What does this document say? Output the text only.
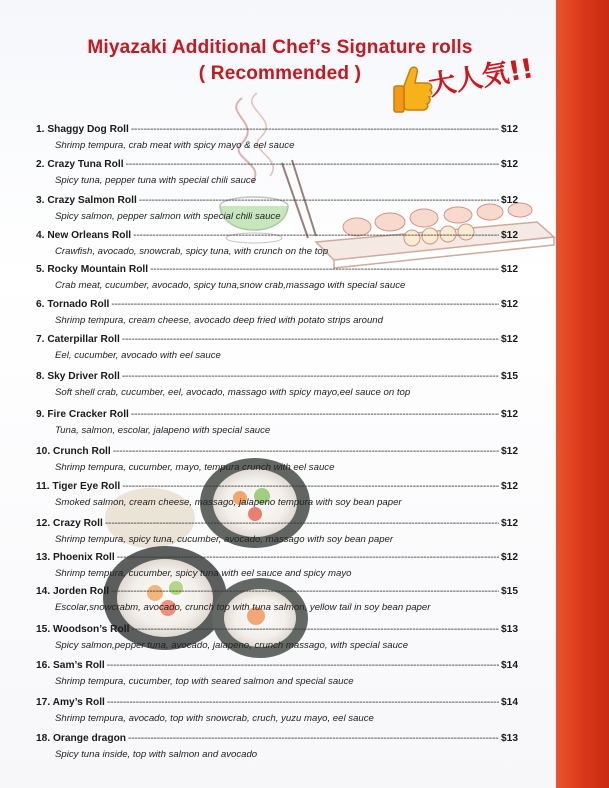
Miyazaki Additional Chef’s Signature rolls
( Recommended )	大人気!!
1. Shaggy Dog Roll -----	$12
Shrimp tempura, crab meat with spicy mayo & eel sauce
2. Crazy Tuna Roll -----	$12
Spicy tuna, pepper tuna with special chili sauce
3. Crazy Salmon Roll -----	$12
Spicy salmon, pepper salmon with special chili sauce
4. New Orleans Roll -----	$12
Crawfish, avocado, snowcrab, spicy tuna, with crunch on the top
5. Rocky Mountain Roll -----	$12
Crab meat, cucumber, avocado, spicy tuna,snow crab,massago with special sauce
6. Tornado Roll -----	$12
Shrimp tempura, cream cheese, avocado deep fried with potato strips around
7. Caterpillar Roll -----	$12
Eel, cucumber, avocado with eel sauce
8. Sky Driver Roll -----	$15
Soft shell crab, cucumber, eel, avocado, massago with spicy mayo,eel sauce on top
9. Fire Cracker Roll -----	$12
Tuna, salmon, escolar, jalapeno with special sauce
10. Crunch Roll -----	$12
Shrimp tempura, cucumber, mayo, tempura crunch with eel sauce
11. Tiger Eye Roll -----	$12
Smoked salmon, cream cheese, massago, jalapeno tempura with soy bean paper
12. Crazy Roll -----	$12
Shrimp tempura, spicy tuna, cucumber, avocado, massago with soy bean paper
13. Phoenix Roll -----	$12
Shrimp tempura, cucumber, spicy tuna with eel sauce and spicy mayo
14. Jorden Roll -----	$15
Escolar,snowcrabm, avocado, crunch top with tuna salmon, yellow tail in soy bean paper
15. Woodson’s Roll -----	$13
Spicy salmon,pepper tuna, avocado, jalapeno, crunch massago, with special sauce
16. Sam’s Roll -----	$14
Shrimp tempura, cucumber, top with seared salmon and special sauce
17. Amy’s Roll -----	$14
Shrimp tempura, avocado, top with snowcrab, cruch, yuzu mayo, eel sauce
18. Orange dragon -----	$13
Spicy tuna inside, top with salmon and avocado
